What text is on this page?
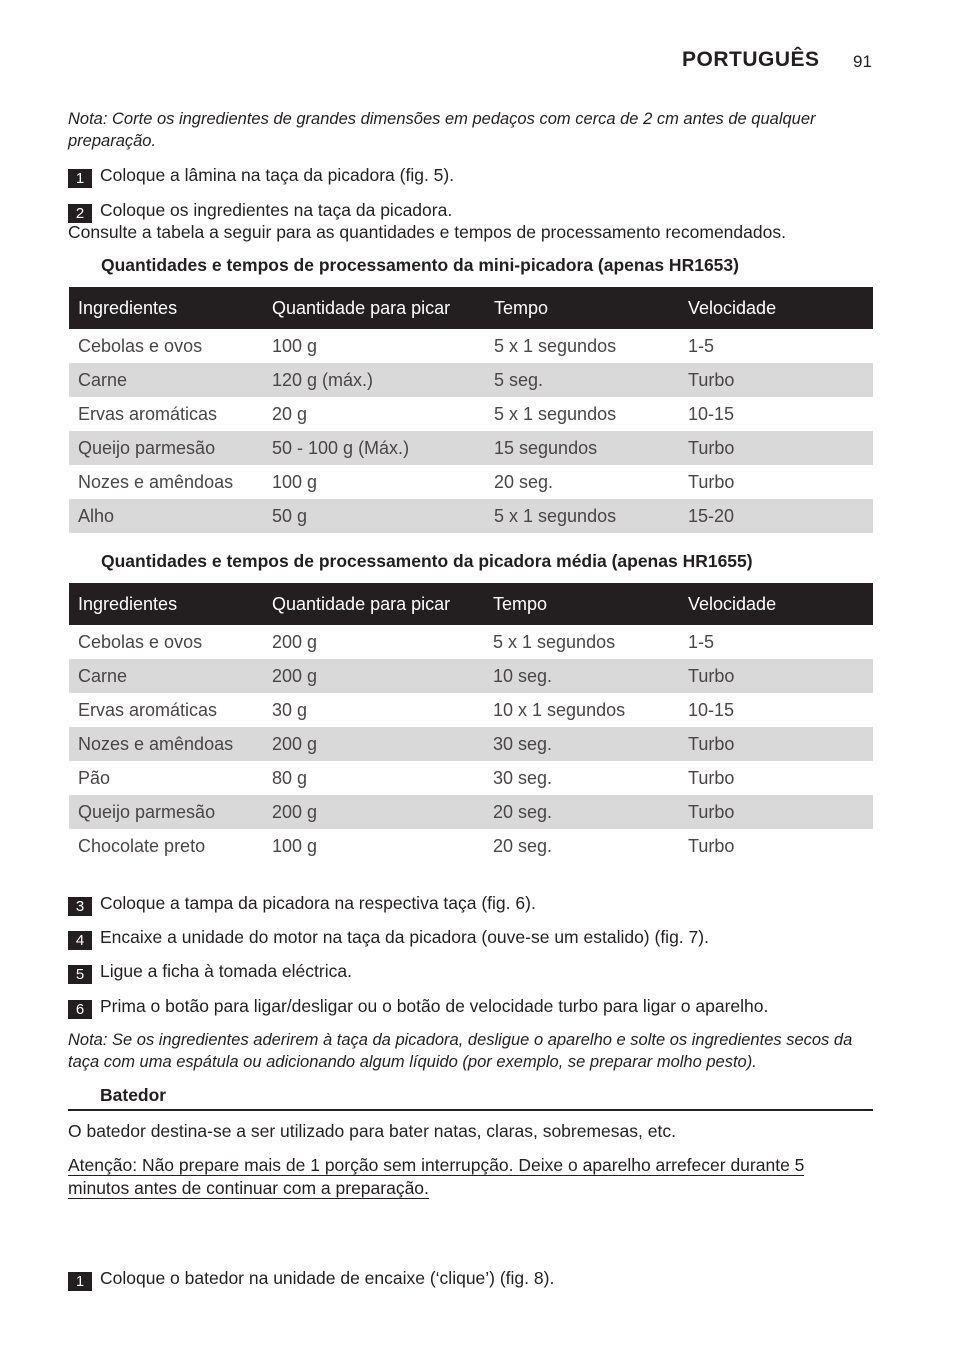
PORTUGUÊS 91
Nota: Corte os ingredientes de grandes dimensões em pedaços com cerca de 2 cm antes de qualquer preparação.
1 Coloque a lâmina na taça da picadora (fig. 5).
2 Coloque os ingredientes na taça da picadora.
Consulte a tabela a seguir para as quantidades e tempos de processamento recomendados.
Quantidades e tempos de processamento da mini-picadora (apenas HR1653)
Ingredientes	Quantidade para picar	Tempo	Velocidade
Cebolas e ovos	100 g	5 x 1 segundos	1-5
Carne	120 g (máx.)	5 seg.	Turbo
Ervas aromáticas	20 g	5 x 1 segundos	10-15
Queijo parmesão	50 - 100 g (Máx.)	15 segundos	Turbo
Nozes e amêndoas	100 g	20 seg.	Turbo
Alho	50 g	5 x 1 segundos	15-20
Quantidades e tempos de processamento da picadora média (apenas HR1655)
Ingredientes	Quantidade para picar	Tempo	Velocidade
Cebolas e ovos	200 g	5 x 1 segundos	1-5
Carne	200 g	10 seg.	Turbo
Ervas aromáticas	30 g	10 x 1 segundos	10-15
Nozes e amêndoas	200 g	30 seg.	Turbo
Pão	80 g	30 seg.	Turbo
Queijo parmesão	200 g	20 seg.	Turbo
Chocolate preto	100 g	20 seg.	Turbo
3 Coloque a tampa da picadora na respectiva taça (fig. 6).
4 Encaixe a unidade do motor na taça da picadora (ouve-se um estalido) (fig. 7).
5 Ligue a ficha à tomada eléctrica.
6 Prima o botão para ligar/desligar ou o botão de velocidade turbo para ligar o aparelho.
Nota: Se os ingredientes aderirem à taça da picadora, desligue o aparelho e solte os ingredientes secos da taça com uma espátula ou adicionando algum líquido (por exemplo, se preparar molho pesto).
Batedor
O batedor destina-se a ser utilizado para bater natas, claras, sobremesas, etc.
Atenção: Não prepare mais de 1 porção sem interrupção. Deixe o aparelho arrefecer durante 5
minutos antes de continuar com a preparação.
1 Coloque o batedor na unidade de encaixe (‘clique’) (fig. 8).
